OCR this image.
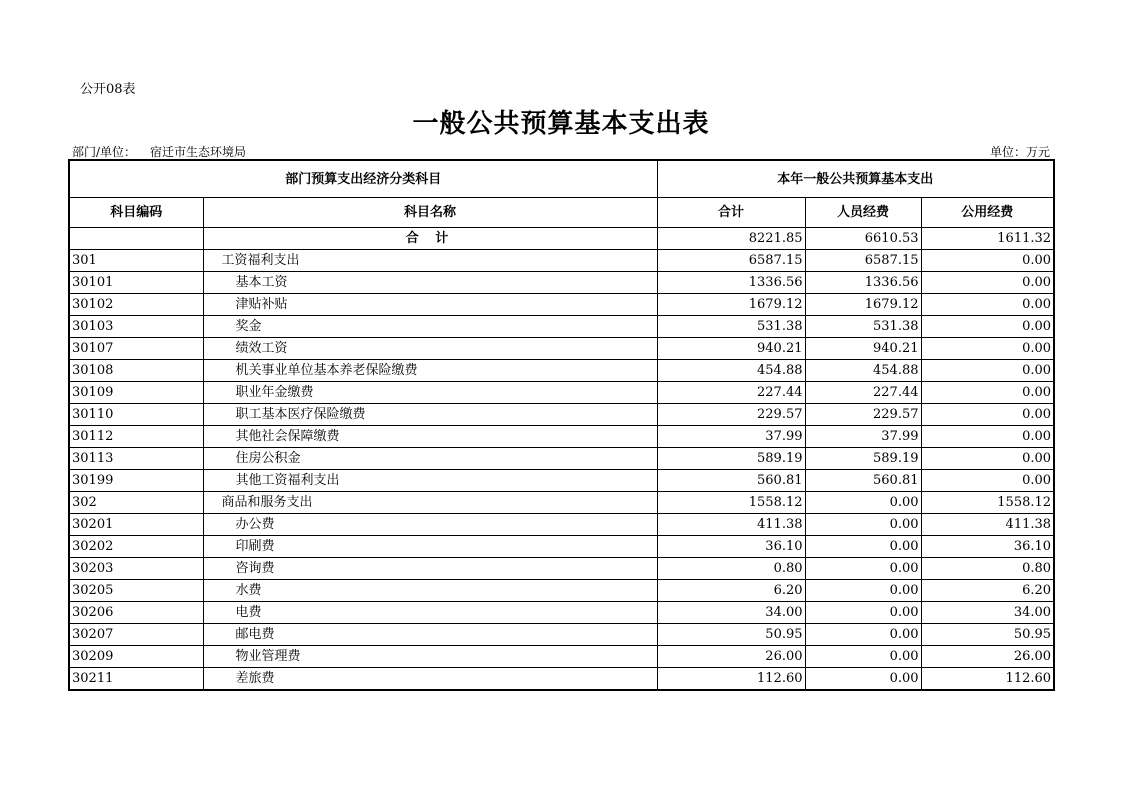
公开08表
一般公共预算基本支出表
部门/单位： 宿迁市生态环境局	单位：万元
部门预算支出经济分类科目		本年一般公共预算基本支出		
科目编码	科目名称	合计	人员经费	公用经费
	合 计	8221.85	6610.53	1611.32
301	工资福利支出	6587.15	6587.15	0.00
30101	基本工资	1336.56	1336.56	0.00
30102	津贴补贴	1679.12	1679.12	0.00
30103	奖金	531.38	531.38	0.00
30107	绩效工资	940.21	940.21	0.00
30108	机关事业单位基本养老保险缴费	454.88	454.88	0.00
30109	职业年金缴费	227.44	227.44	0.00
30110	职工基本医疗保险缴费	229.57	229.57	0.00
30112	其他社会保障缴费	37.99	37.99	0.00
30113	住房公积金	589.19	589.19	0.00
30199	其他工资福利支出	560.81	560.81	0.00
302	商品和服务支出	1558.12	0.00	1558.12
30201	办公费	411.38	0.00	411.38
30202	印刷费	36.10	0.00	36.10
30203	咨询费	0.80	0.00	0.80
30205	水费	6.20	0.00	6.20
30206	电费	34.00	0.00	34.00
30207	邮电费	50.95	0.00	50.95
30209	物业管理费	26.00	0.00	26.00
30211	差旅费	112.60	0.00	112.60
